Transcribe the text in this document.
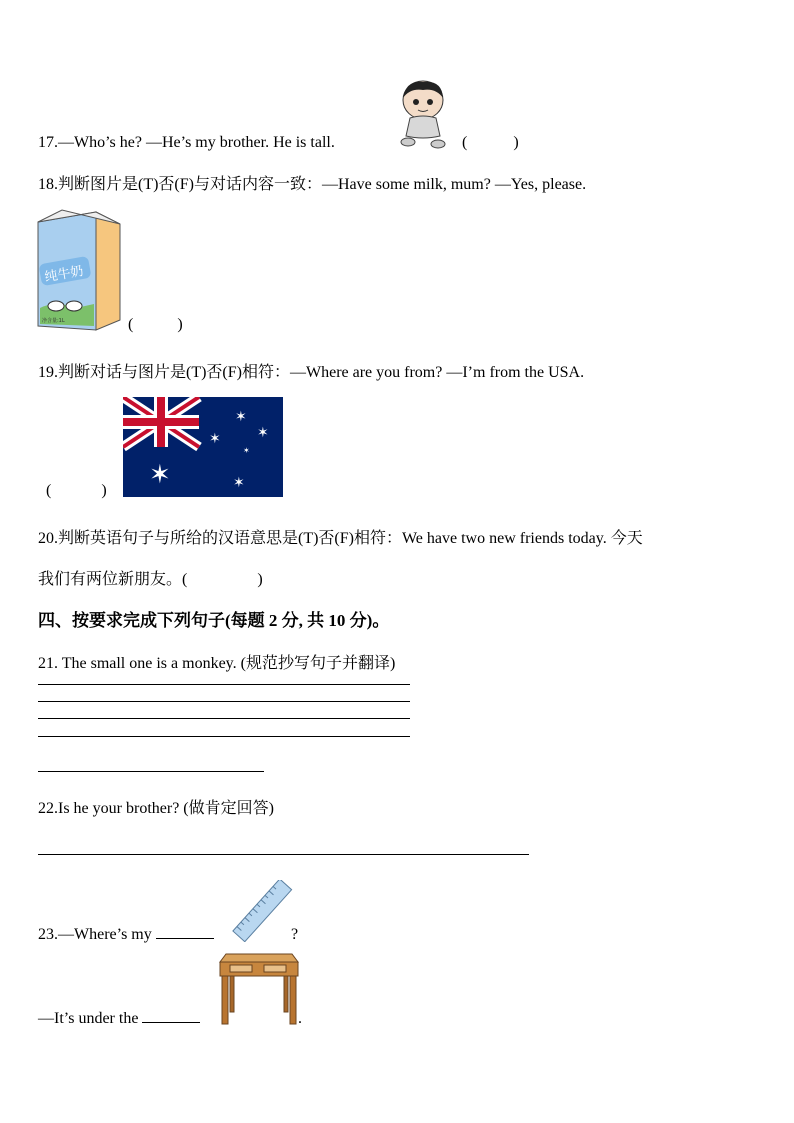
17.—Who’s he? —He’s my brother. He is tall.	(	)
18.判断图片是(T)否(F)与对话内容一致：—Have some milk, mum? —Yes, please.
纯牛奶
净含量:1L	(	)
19.判断对话与图片是(T)否(F)相符：—Where are you from? —I’m from the USA.
(	)
✶
✶
✶
✶
✶
✶
20.判断英语句子与所给的汉语意思是(T)否(F)相符：We have two new friends today. 今天
我们有两位新朋友。(	)
四、按要求完成下列句子(每题 2 分, 共 10 分)。
21. The small one is a monkey. (规范抄写句子并翻译)
22.Is he your brother? (做肯定回答)
23.—Where’s my	?
—It’s under the	.
